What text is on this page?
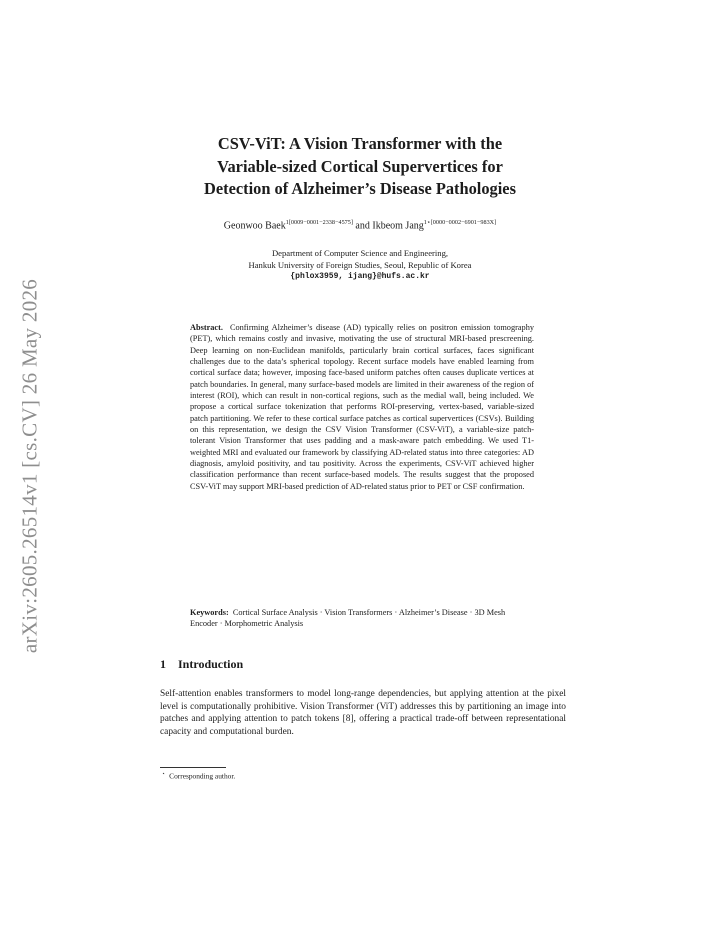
arXiv:2605.26514v1 [cs.CV] 26 May 2026
CSV-ViT: A Vision Transformer with the
Variable-sized Cortical Supervertices for
Detection of Alzheimer’s Disease Pathologies
Geonwoo Baek$^{1[0009-0001-2338-4575]}$ and Ikbeom Jang$^{1⋆[0000-0002-6901-983X]}$
Department of Computer Science and Engineering,
Hankuk University of Foreign Studies, Seoul, Republic of Korea
{phlox3959, ijang}@hufs.ac.kr
Abstract. Confirming Alzheimer’s disease (AD) typically relies on positron emission tomography (PET), which remains costly and invasive, motivating the use of structural MRI-based prescreening. Deep learning on non-Euclidean manifolds, particularly brain cortical surfaces, faces significant challenges due to the data’s spherical topology. Recent surface models have enabled learning from cortical surface data; however, imposing face-based uniform patches often causes duplicate vertices at patch boundaries. In general, many surface-based models are limited in their awareness of the region of interest (ROI), which can result in non-cortical regions, such as the medial wall, being included. We propose a cortical surface tokenization that performs ROI-preserving, vertex-based, variable-sized patch partitioning. We refer to these cortical surface patches as cortical supervertices (CSVs). Building on this representation, we design the CSV Vision Transformer (CSV-ViT), a variable-size patch-tolerant Vision Transformer that uses padding and a mask-aware patch embedding. We used T1-weighted MRI and evaluated our framework by classifying AD-related status into three categories: AD diagnosis, amyloid positivity, and tau positivity. Across the experiments, CSV-ViT achieved higher classification performance than recent surface-based models. The results suggest that the proposed CSV-ViT may support MRI-based prediction of AD-related status prior to PET or CSF confirmation.
Keywords: Cortical Surface Analysis · Vision Transformers · Alzheimer’s Disease · 3D Mesh Encoder · Morphometric Analysis
1 Introduction
Self-attention enables transformers to model long-range dependencies, but applying attention at the pixel level is computationally prohibitive. Vision Transformer (ViT) addresses this by partitioning an image into patches and applying attention to patch tokens [8], offering a practical trade-off between representational capacity and computational burden.
⋆ Corresponding author.
